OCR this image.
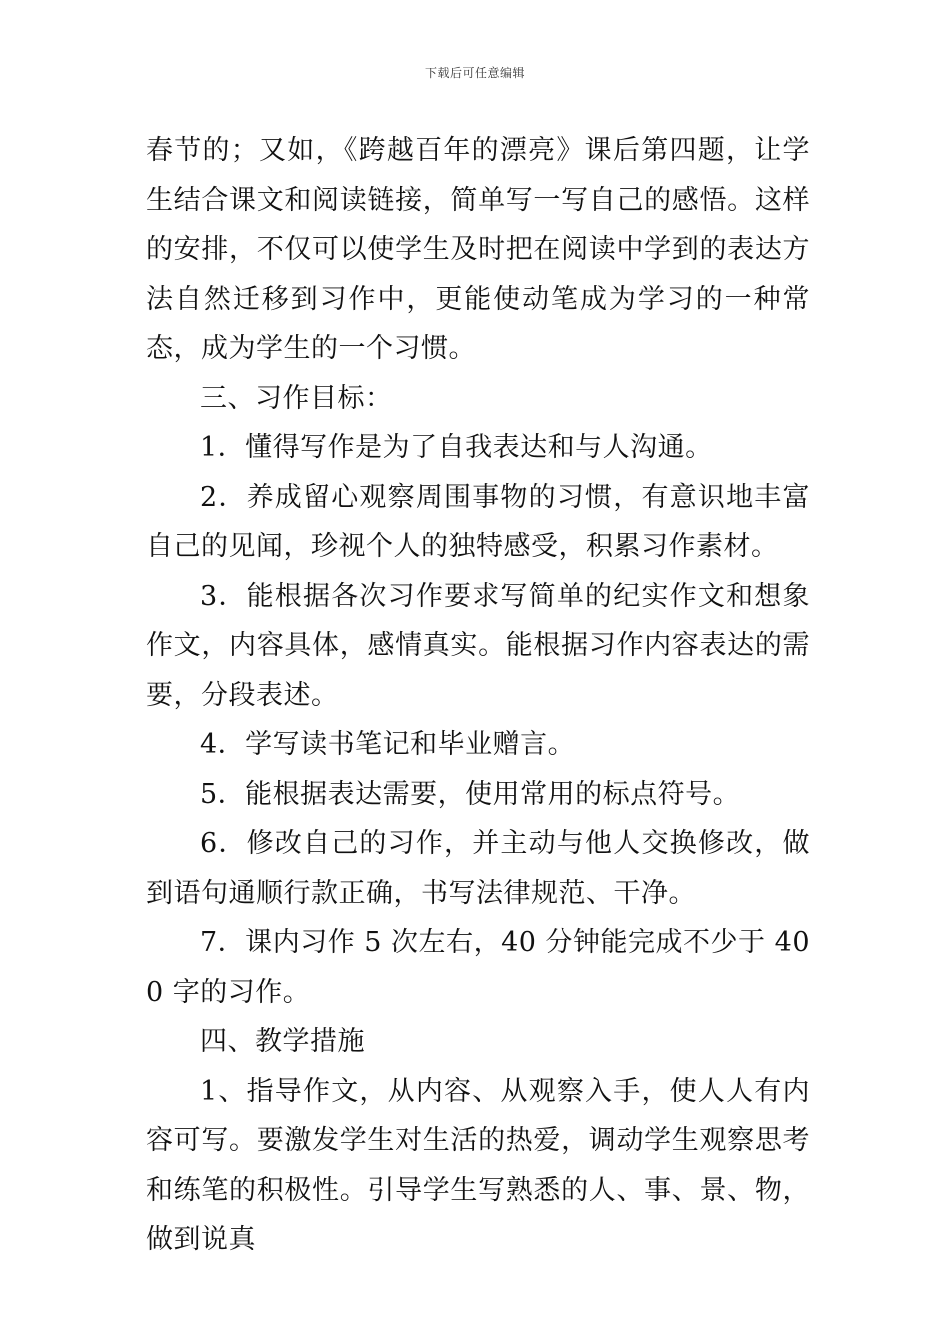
下载后可任意编辑

春节的；又如，《跨越百年的漂亮》课后第四题，让学生结合课文和阅读链接，简单写一写自己的感悟。这样的安排，不仅可以使学生及时把在阅读中学到的表达方法自然迁移到习作中，更能使动笔成为学习的一种常态，成为学生的一个习惯。

三、习作目标：

1．懂得写作是为了自我表达和与人沟通。

2．养成留心观察周围事物的习惯，有意识地丰富自己的见闻，珍视个人的独特感受，积累习作素材。

3．能根据各次习作要求写简单的纪实作文和想象作文，内容具体，感情真实。能根据习作内容表达的需要，分段表述。

4．学写读书笔记和毕业赠言。

5．能根据表达需要，使用常用的标点符号。

6．修改自己的习作，并主动与他人交换修改，做到语句通顺行款正确，书写法律规范、干净。

7．课内习作 5 次左右，40 分钟能完成不少于 400 字的习作。

四、教学措施

1、指导作文，从内容、从观察入手，使人人有内容可写。要激发学生对生活的热爱，调动学生观察思考和练笔的积极性。引导学生写熟悉的人、事、景、物，做到说真
